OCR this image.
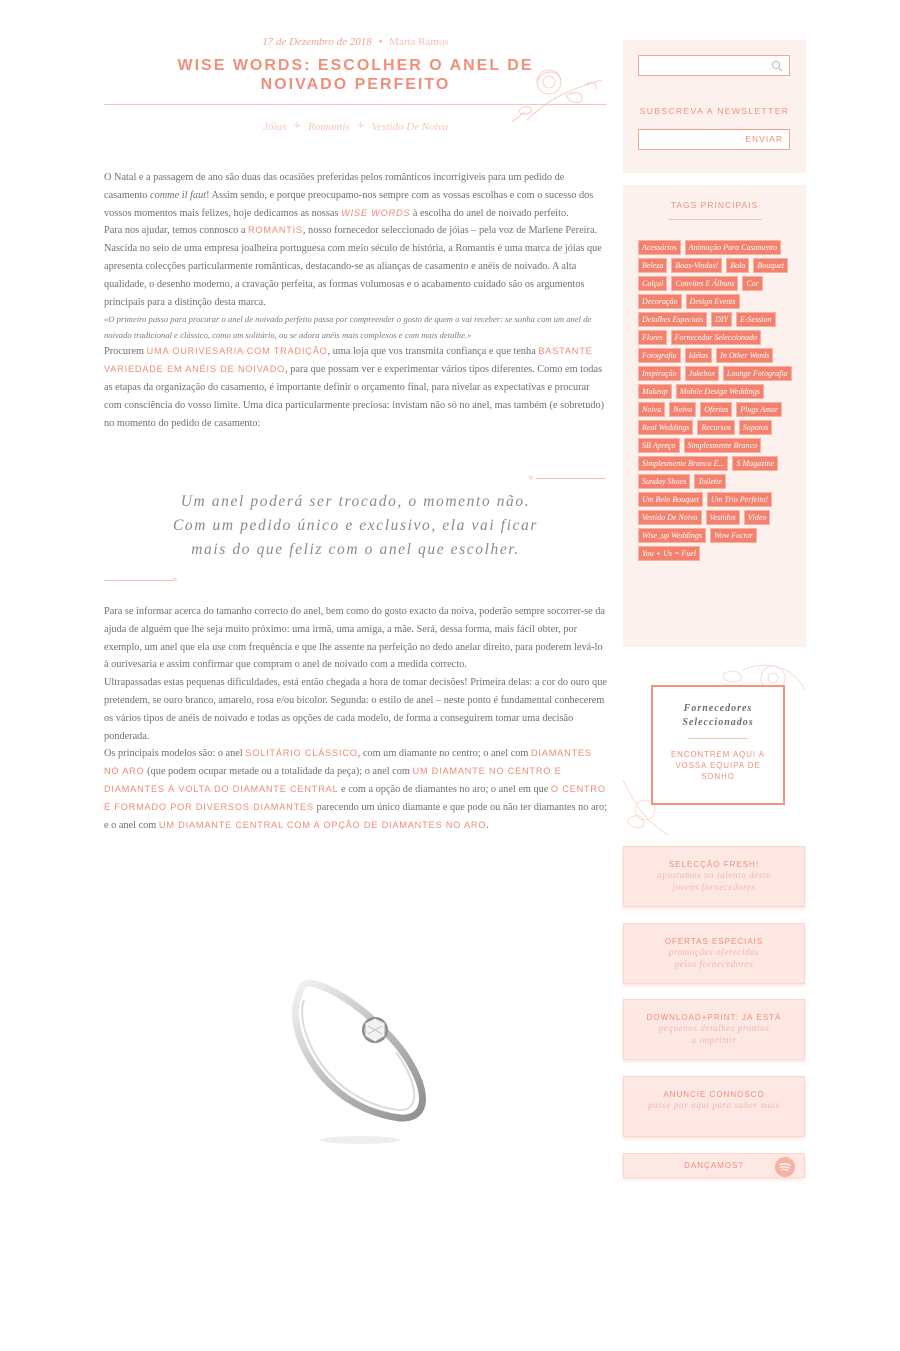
17 de Dezembro de 2018 • Marta Ramos
WISE WORDS: ESCOLHER O ANEL DE NOIVADO PERFEITO
Jóias + Romantis + Vestido De Noiva

O Natal e a passagem de ano são duas das ocasiões preferidas pelos românticos incorrigíveis para um pedido de casamento comme il faut! Assim sendo, e porque preocupamo-nos sempre com as vossas escolhas e com o sucesso dos vossos momentos mais felizes, hoje dedicamos as nossas WISE WORDS à escolha do anel de noivado perfeito.

Para nos ajudar, temos connosco a ROMANTIS, nosso fornecedor seleccionado de jóias – pela voz de Marlene Pereira. Nascida no seio de uma empresa joalheira portuguesa com meio século de história, a Romantis é uma marca de jóias que apresenta colecções particularmente românticas, destacando-se as alianças de casamento e anéis de noivado. A alta qualidade, o desenho moderno, a cravação perfeita, as formas volumosas e o acabamento cuidado são os argumentos principais para a distinção desta marca.

«O primeiro passo para procurar o anel de noivado perfeito passa por compreender o gosto de quem o vai receber: se sonha com um anel de noivado tradicional e clássico, como um solitário, ou se adora anéis mais complexos e com mais detalhe.»

Procurem UMA OURIVESARIA COM TRADIÇÃO, uma loja que vos transmita confiança e que tenha BASTANTE VARIEDADE EM ANÉIS DE NOIVADO, para que possam ver e experimentar vários tipos diferentes. Como em todas as etapas da organização do casamento, é importante definir o orçamento final, para nivelar as expectativas e procurar com consciência do vosso limite. Uma dica particularmente preciosa: invistam não só no anel, mas também (e sobretudo) no momento do pedido de casamento:

«
Um anel poderá ser trocado, o momento não.
Com um pedido único e exclusivo, ela vai ficar
mais do que feliz com o anel que escolher.
»

Para se informar acerca do tamanho correcto do anel, bem como do gosto exacto da noiva, poderão sempre socorrer-se da ajuda de alguém que lhe seja muito próximo: uma irmã, uma amiga, a mãe. Será, dessa forma, mais fácil obter, por exemplo, um anel que ela use com frequência e que lhe assente na perfeição no dedo anelar direito, para poderem levá-lo à ourivesaria e assim confirmar que compram o anel de noivado com a medida correcto.

Ultrapassadas estas pequenas dificuldades, está então chegada a hora de tomar decisões! Primeira delas: a cor do ouro que pretendem, se ouro branco, amarelo, rosa e/ou bicolor. Segunda: o estilo de anel – neste ponto é fundamental conhecerem os vários tipos de anéis de noivado e todas as opções de cada modelo, de forma a conseguirem tomar uma decisão ponderada.

Os principais modelos são: o anel SOLITÁRIO CLÁSSICO, com um diamante no centro; o anel com DIAMANTES NO ARO (que podem ocupar metade ou a totalidade da peça); o anel com UM DIAMANTE NO CENTRO E DIAMANTES À VOLTA DO DIAMANTE CENTRAL e com a opção de diamantes no aro; o anel em que O CENTRO É FORMADO POR DIVERSOS DIAMANTES parecendo um único diamante e que pode ou não ter diamantes no aro; e o anel com UM DIAMANTE CENTRAL COM A OPÇÃO DE DIAMANTES NO ARO.

SUBSCREVA A NEWSLETTER
ENVIAR
TAGS PRINCIPAIS
Acessórios	Animação Para Casamento
Beleza	Boas-Vindas!	Bolo	Bouquet
Calçal	Convites E Álbuns	Cor
Decoração	Design Events
Detalhes Especiais	DIY	E-Session
Flores	Fornecedor Seleccionado
Fotografia	Idéias	In Other Words
Inspiração	Jukebox	Lounge Fotografia
Makeup	Mobile Design Weddings
Noiva	Noivo	Ofertas	Plugs Amor
Real Weddings	Recursos	Sapatos
SB Apreço	Simplesmente Branco
Simplesmente Branco E...	S Magazine
Sunday Shoes	Toilette
Um Belo Bouquet	Um Trio Perfeito!
Vestido De Noiva	Vestidos	Vídeo
Wise_up Weddings	Wow Factor
You + Us = Fuel
Fornecedores
Seleccionados
ENCONTREM AQUI A VOSSA EQUIPA DE SONHO
SELECÇÃO FRESH!
apostamos no talento deste jovens fornecedores
OFERTAS ESPECIAIS
promoções oferecidas pelos fornecedores
DOWNLOAD+PRINT: JÁ ESTÁ
pequenos detalhes prontos a imprimir
ANUNCIE CONNOSCO
passe por aqui para saber mais
DANÇAMOS?
